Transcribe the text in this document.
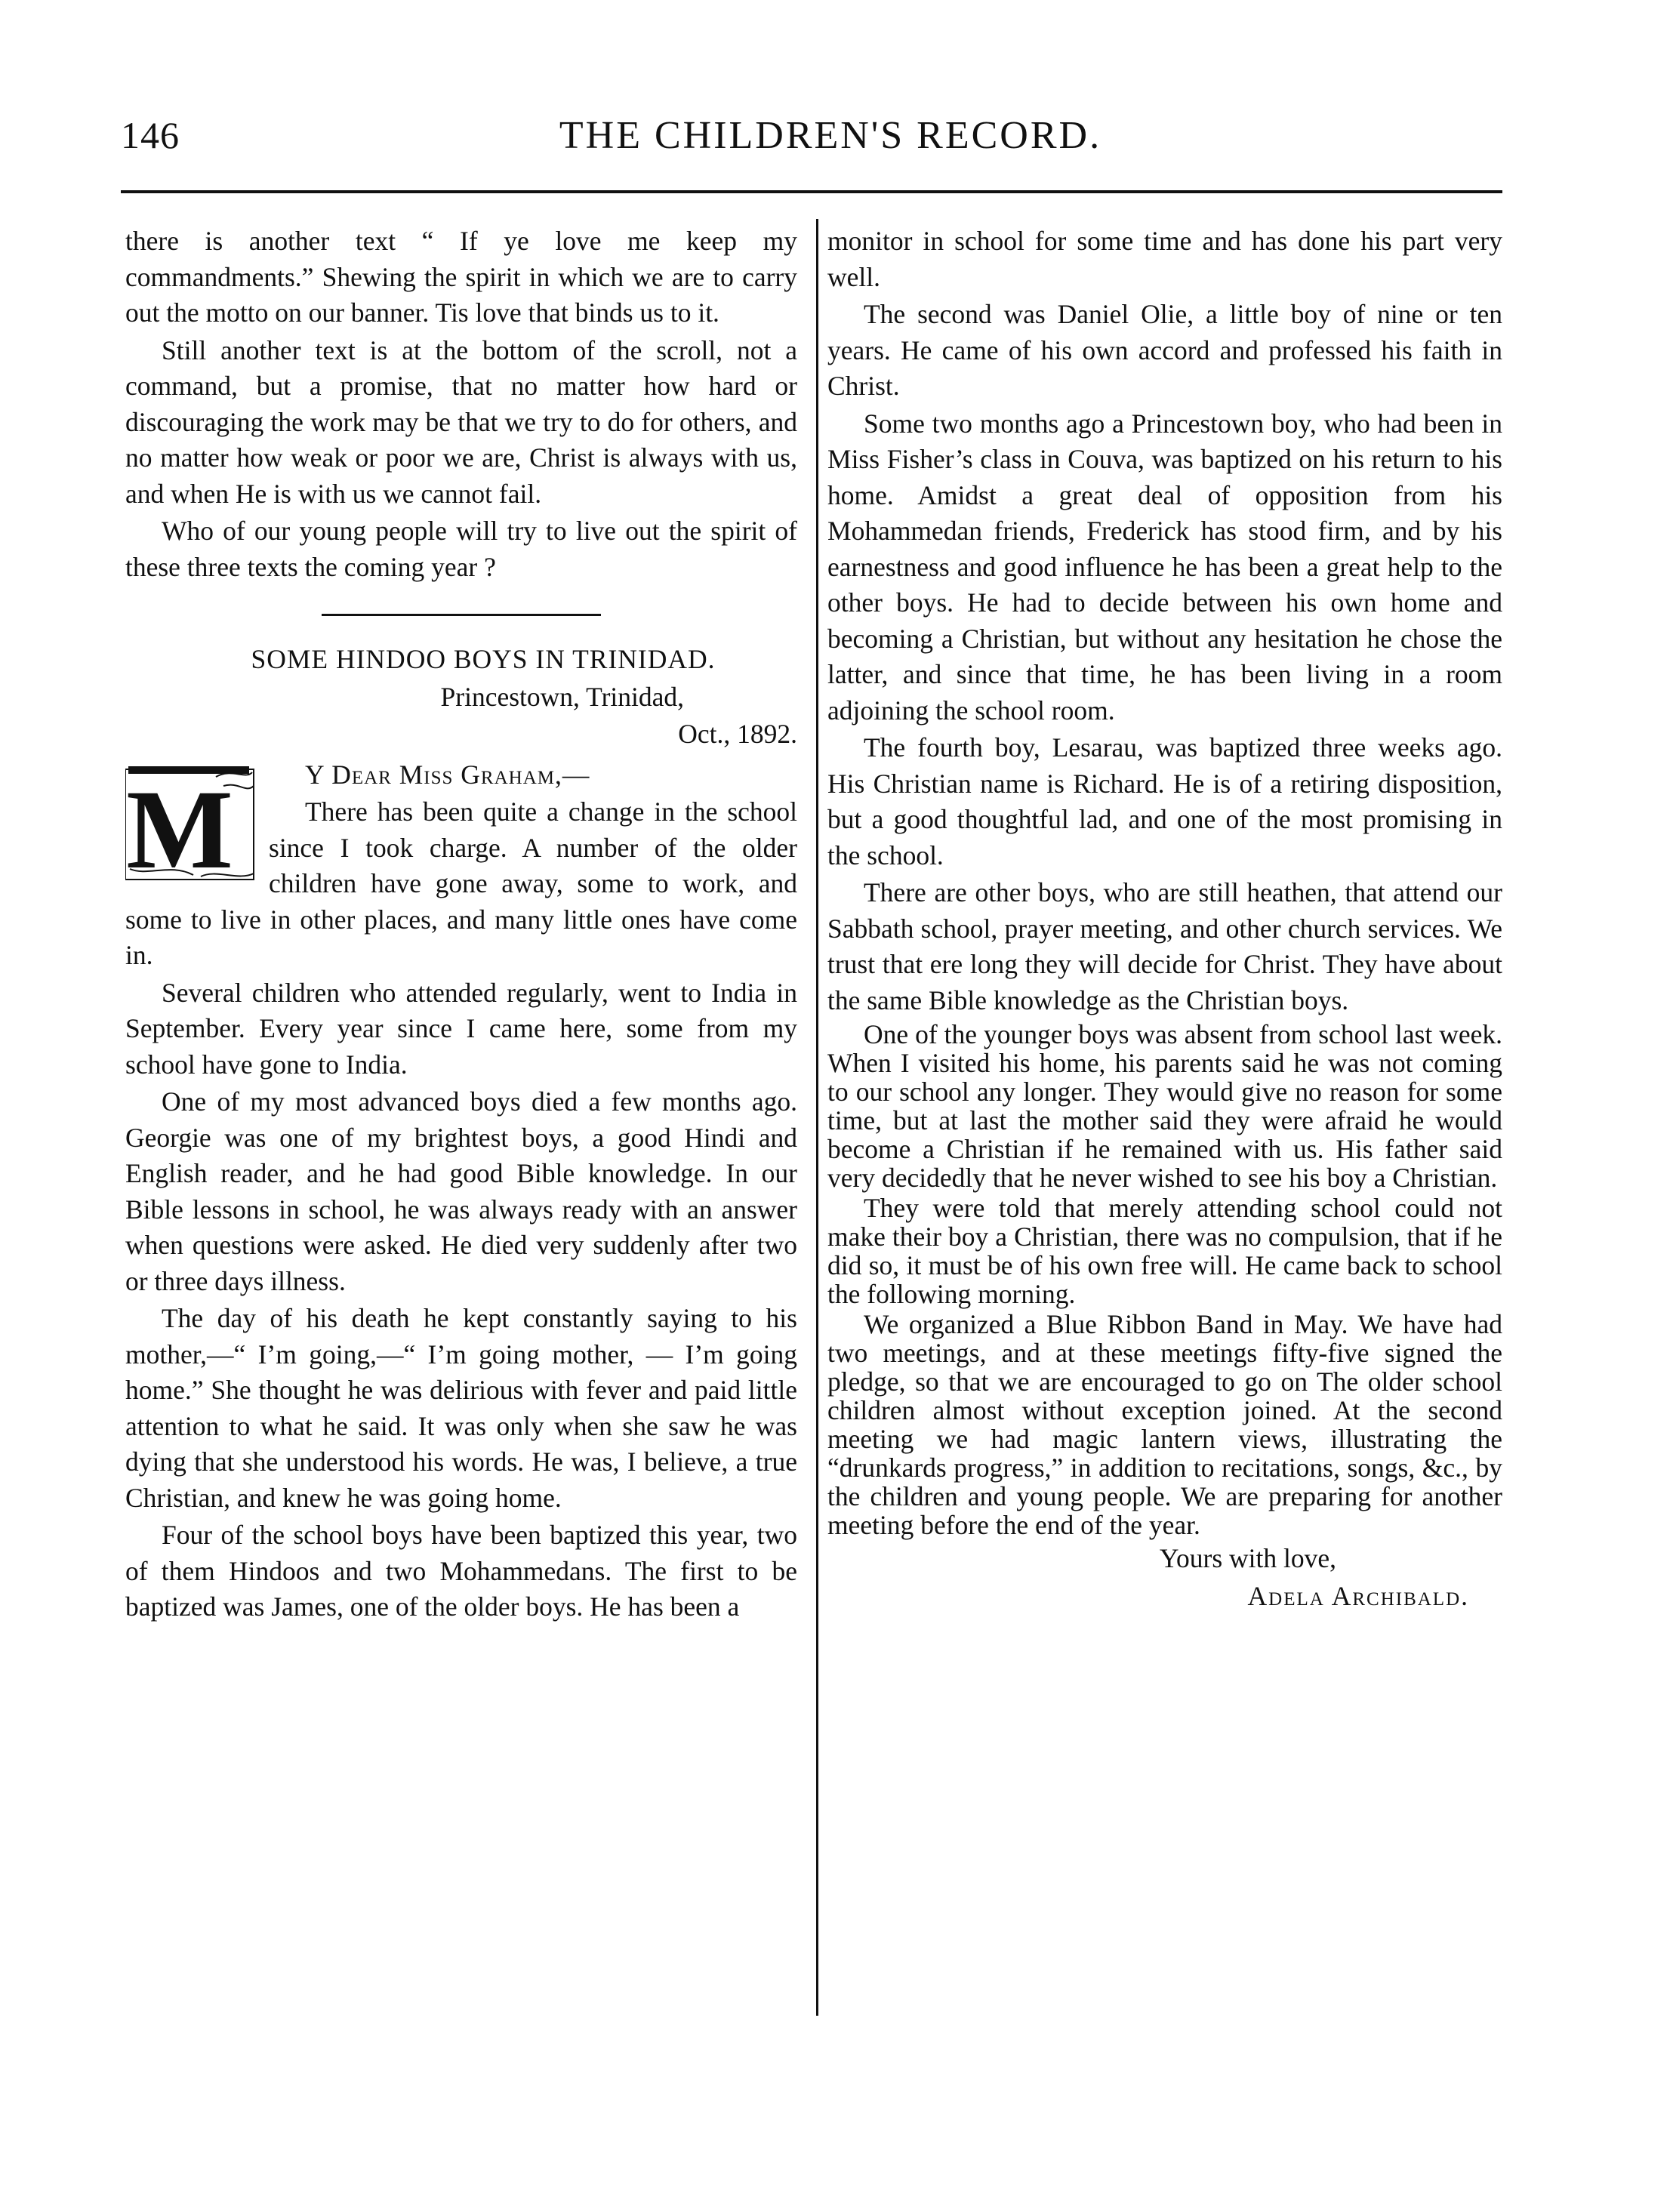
146	THE CHILDREN'S RECORD.

there is another text “ If ye love me keep my commandments.” Shewing the spirit in which we are to carry out the motto on our banner. Tis love that binds us to it.

Still another text is at the bottom of the scroll, not a command, but a promise, that no matter how hard or discouraging the work may be that we try to do for others, and no matter how weak or poor we are, Christ is always with us, and when He is with us we cannot fail.

Who of our young people will try to live out the spirit of these three texts the coming year ?

SOME HINDOO BOYS IN TRINIDAD.

Princestown, Trinidad,

Oct., 1892.

M	Y Dear Miss Graham,—

There has been quite a change in the school since I took charge. A number of the older children have gone away, some to work, and some to live in other places, and many little ones have come in.

Several children who attended regularly, went to India in September. Every year since I came here, some from my school have gone to India.

One of my most advanced boys died a few months ago. Georgie was one of my brightest boys, a good Hindi and English reader, and he had good Bible knowledge. In our Bible lessons in school, he was always ready with an answer when questions were asked. He died very suddenly after two or three days illness.

The day of his death he kept constantly saying to his mother,—“ I’m going,—“ I’m going mother, — I’m going home.” She thought he was delirious with fever and paid little attention to what he said. It was only when she saw he was dying that she understood his words. He was, I believe, a true Christian, and knew he was going home.

Four of the school boys have been baptized this year, two of them Hindoos and two Mohammedans. The first to be baptized was James, one of the older boys. He has been a

monitor in school for some time and has done his part very well.

The second was Daniel Olie, a little boy of nine or ten years. He came of his own accord and professed his faith in Christ.

Some two months ago a Princestown boy, who had been in Miss Fisher’s class in Couva, was baptized on his return to his home. Amidst a great deal of opposition from his Mohammedan friends, Frederick has stood firm, and by his earnestness and good influence he has been a great help to the other boys. He had to decide between his own home and becoming a Christian, but without any hesitation he chose the latter, and since that time, he has been living in a room adjoining the school room.

The fourth boy, Lesarau, was baptized three weeks ago. His Christian name is Richard. He is of a retiring disposition, but a good thoughtful lad, and one of the most promising in the school.

There are other boys, who are still heathen, that attend our Sabbath school, prayer meeting, and other church services. We trust that ere long they will decide for Christ. They have about the same Bible knowledge as the Christian boys.

One of the younger boys was absent from school last week. When I visited his home, his parents said he was not coming to our school any longer. They would give no reason for some time, but at last the mother said they were afraid he would become a Christian if he remained with us. His father said very decidedly that he never wished to see his boy a Christian.

They were told that merely attending school could not make their boy a Christian, there was no compulsion, that if he did so, it must be of his own free will. He came back to school the following morning.

We organized a Blue Ribbon Band in May. We have had two meetings, and at these meetings fifty-five signed the pledge, so that we are encouraged to go on The older school children almost without exception joined. At the second meeting we had magic lantern views, illustrating the “drunkards progress,” in addition to recitations, songs, &c., by the children and young people. We are preparing for another meeting before the end of the year.

Yours with love,

Adela Archibald.
